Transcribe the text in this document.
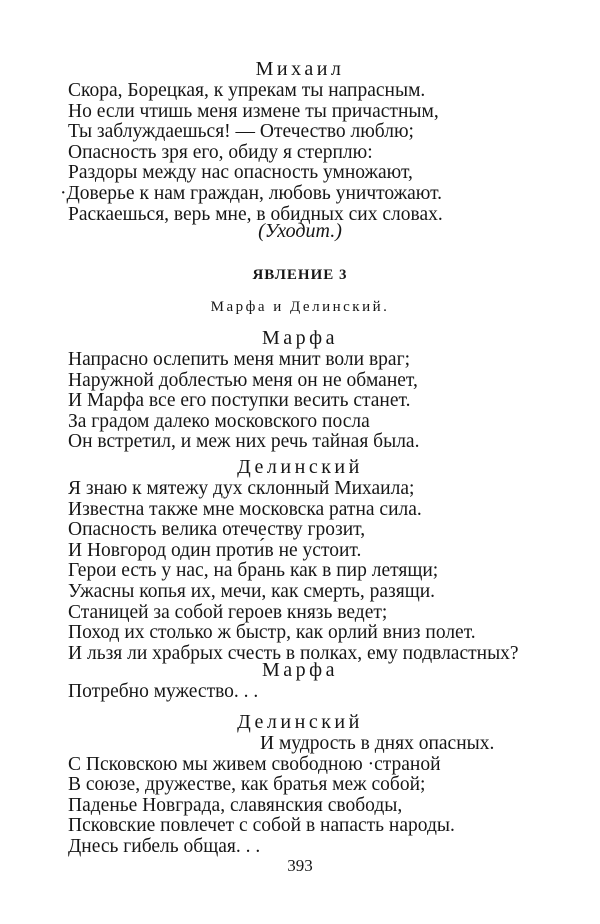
Михаил
Скора, Борецкая, к упрекам ты напрасным.
Но если чтишь меня измене ты причастным,
Ты заблуждаешься! — Отечество люблю;
Опасность зря его, обиду я стерплю:
Раздоры между нас опасность умножают,
·Доверье к нам граждан, любовь уничтожают.
Раскаешься, верь мне, в обидных сих словах.
(Уходит.)
ЯВЛЕНИЕ 3
Марфа и Делинский.
Марфа
Напрасно ослепить меня мнит воли враг;
Наружной доблестью меня он не обманет,
И Марфа все его поступки весить станет.
За градом далеко московского посла
Он встретил, и меж них речь тайная была.
Делинский
Я знаю к мятежу дух склонный Михаила;
Известна также мне московска ратна сила.
Опасность велика отечеству грозит,
И Новгород один проти́в не устоит.
Герои есть у нас, на брань как в пир летящи;
Ужасны копья их, мечи, как смерть, разящи.
Станицей за собой героев князь ведет;
Поход их столько ж быстр, как орлий вниз полет.
И льзя ли храбрых счесть в полках, ему подвластных?
Марфа
Потребно мужество. . .
Делинский
И мудрость в днях опасных.
С Псковскою мы живем свободною ·страной
В союзе, дружестве, как братья меж собой;
Паденье Новграда, славянския свободы,
Псковские повлечет с собой в напасть народы.
Днесь гибель общая. . .
393
